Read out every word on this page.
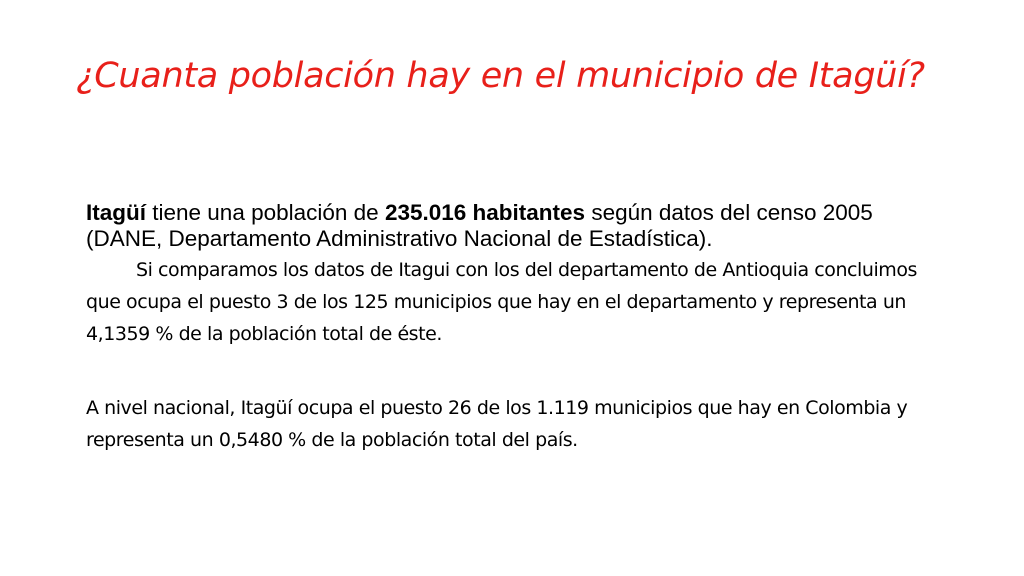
¿Cuanta población hay en el municipio de Itagüí?

Itagüí tiene una población de 235.016 habitantes según datos del censo 2005 (DANE, Departamento Administrativo Nacional de Estadística).

Si comparamos los datos de Itagui con los del departamento de Antioquia concluimos que ocupa el puesto 3 de los 125 municipios que hay en el departamento y representa un 4,1359 % de la población total de éste.

A nivel nacional, Itagüí ocupa el puesto 26 de los 1.119 municipios que hay en Colombia y representa un 0,5480 % de la población total del país.
